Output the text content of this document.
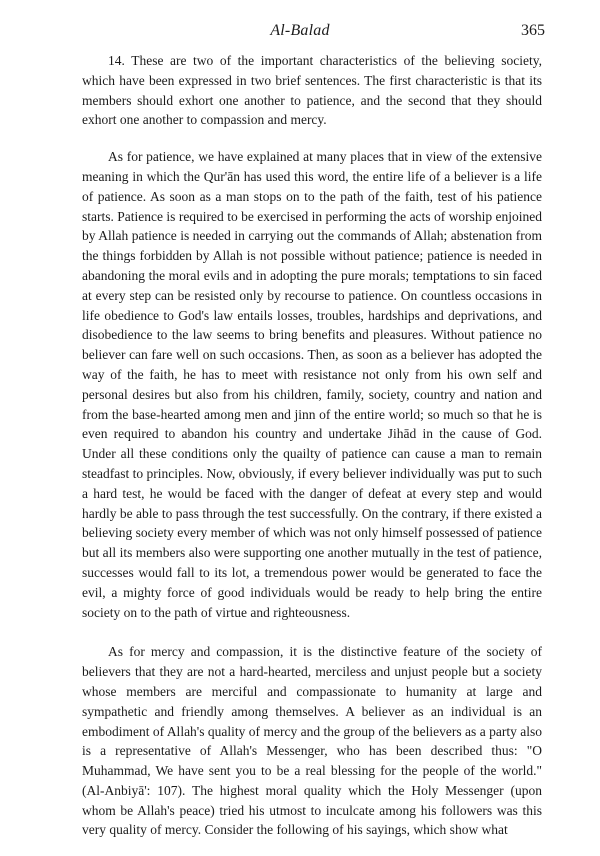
Al-Balad	365

14. These are two of the important characteristics of the believing society, which have been expressed in two brief sentences. The first characteristic is that its members should exhort one another to patience, and the second that they should exhort one another to compassion and mercy.

As for patience, we have explained at many places that in view of the extensive meaning in which the Qur'ān has used this word, the entire life of a believer is a life of patience. As soon as a man stops on to the path of the faith, test of his patience starts. Patience is required to be exercised in performing the acts of worship enjoined by Allah patience is needed in carrying out the commands of Allah; abstenation from the things forbidden by Allah is not possible without patience; patience is needed in abandoning the moral evils and in adopting the pure morals; temptations to sin faced at every step can be resisted only by recourse to patience. On countless occasions in life obedience to God's law entails losses, troubles, hardships and deprivations, and disobedience to the law seems to bring benefits and pleasures. Without patience no believer can fare well on such occasions. Then, as soon as a believer has adopted the way of the faith, he has to meet with resistance not only from his own self and personal desires but also from his children, family, society, country and nation and from the base-hearted among men and jinn of the entire world; so much so that he is even required to abandon his country and undertake Jihād in the cause of God. Under all these conditions only the quailty of patience can cause a man to remain steadfast to principles. Now, obviously, if every believer individually was put to such a hard test, he would be faced with the danger of defeat at every step and would hardly be able to pass through the test successfully. On the contrary, if there existed a believing society every member of which was not only himself possessed of patience but all its members also were supporting one another mutually in the test of patience, successes would fall to its lot, a tremendous power would be generated to face the evil, a mighty force of good individuals would be ready to help bring the entire society on to the path of virtue and righteousness.

As for mercy and compassion, it is the distinctive feature of the society of believers that they are not a hard-hearted, merciless and unjust people but a society whose members are merciful and compassionate to humanity at large and sympathetic and friendly among themselves. A believer as an individual is an embodiment of Allah's quality of mercy and the group of the believers as a party also is a representative of Allah's Messenger, who has been described thus: "O Muhammad, We have sent you to be a real blessing for the people of the world." (Al-Anbiyā': 107). The highest moral quality which the Holy Messenger (upon whom be Allah's peace) tried his utmost to inculcate among his followers was this very quality of mercy. Consider the following of his sayings, which show what
